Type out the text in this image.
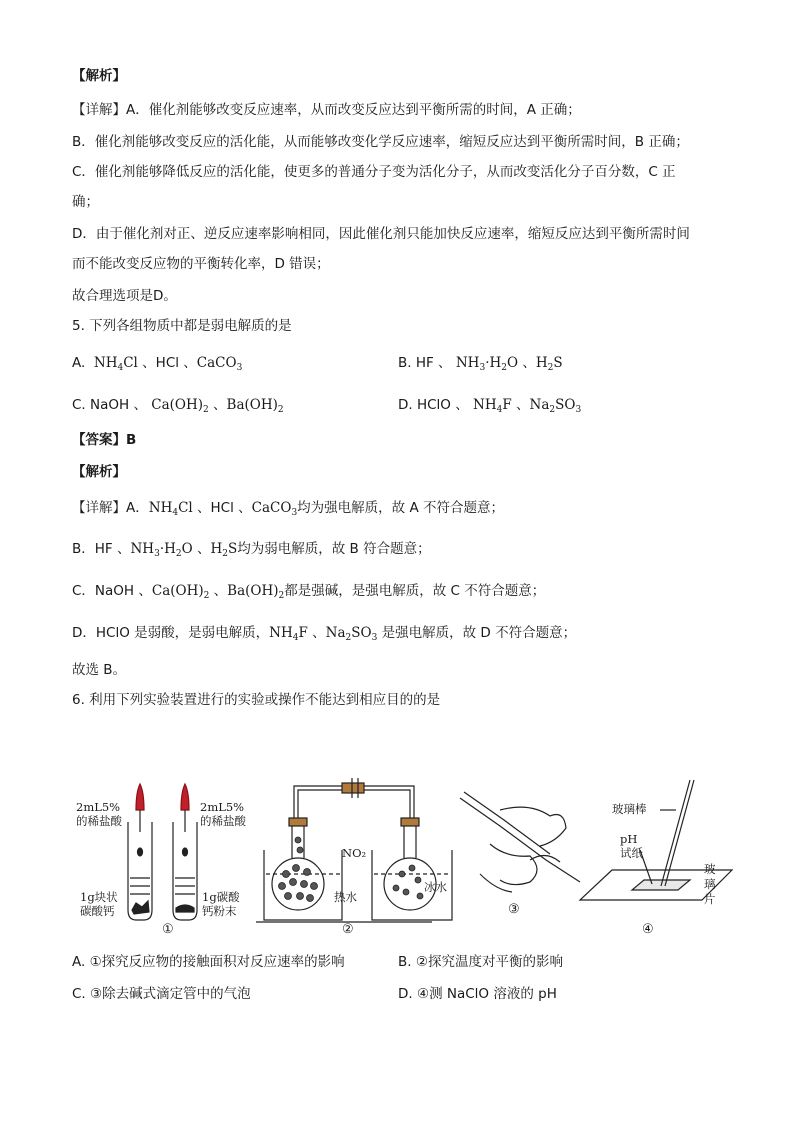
【解析】
【详解】A．催化剂能够改变反应速率，从而改变反应达到平衡所需的时间，A 正确；
B．催化剂能够改变反应的活化能，从而能够改变化学反应速率，缩短反应达到平衡所需时间，B 正确；
C．催化剂能够降低反应的活化能，使更多的普通分子变为活化分子，从而改变活化分子百分数，C 正
确；
D．由于催化剂对正、逆反应速率影响相同，因此催化剂只能加快反应速率，缩短反应达到平衡所需时间
而不能改变反应物的平衡转化率，D 错误；
故合理选项是D。
5. 下列各组物质中都是弱电解质的是
A. $NH_4Cl$ 、HCl 、CaCO$_3$	B. HF 、 $NH_3\cdot H_2O$ 、$H_2S$
C. NaOH 、 $Ca(OH)_2$ 、$Ba(OH)_2$	D. HClO 、 $NH_4F$ 、$Na_2SO_3$
【答案】B
【解析】
【详解】A．$NH_4Cl$ 、HCl 、CaCO$_3$均为强电解质，故 A 不符合题意；
B．HF 、$NH_3\cdot H_2O$ 、$H_2S$均为弱电解质，故 B 符合题意；
C．NaOH 、$Ca(OH)_2$ 、$Ba(OH)_2$都是强碱，是强电解质，故 C 不符合题意；
D．HClO 是弱酸，是弱电解质，$NH_4F$ 、$Na_2SO_3$ 是强电解质，故 D 不符合题意；
故选 B。
6. 利用下列实验装置进行的实验或操作不能达到相应目的的是
2mL5%
的稀盐酸
2mL5%
的稀盐酸
1g块状
碳酸钙
1g碳酸
钙粉末
①
NO₂
热水
冰水
②
③
玻璃棒
pH
试纸
玻
璃
片
④
A. ①探究反应物的接触面积对反应速率的影响	B. ②探究温度对平衡的影响
C. ③除去碱式滴定管中的气泡	D. ④测 NaClO 溶液的 pH
